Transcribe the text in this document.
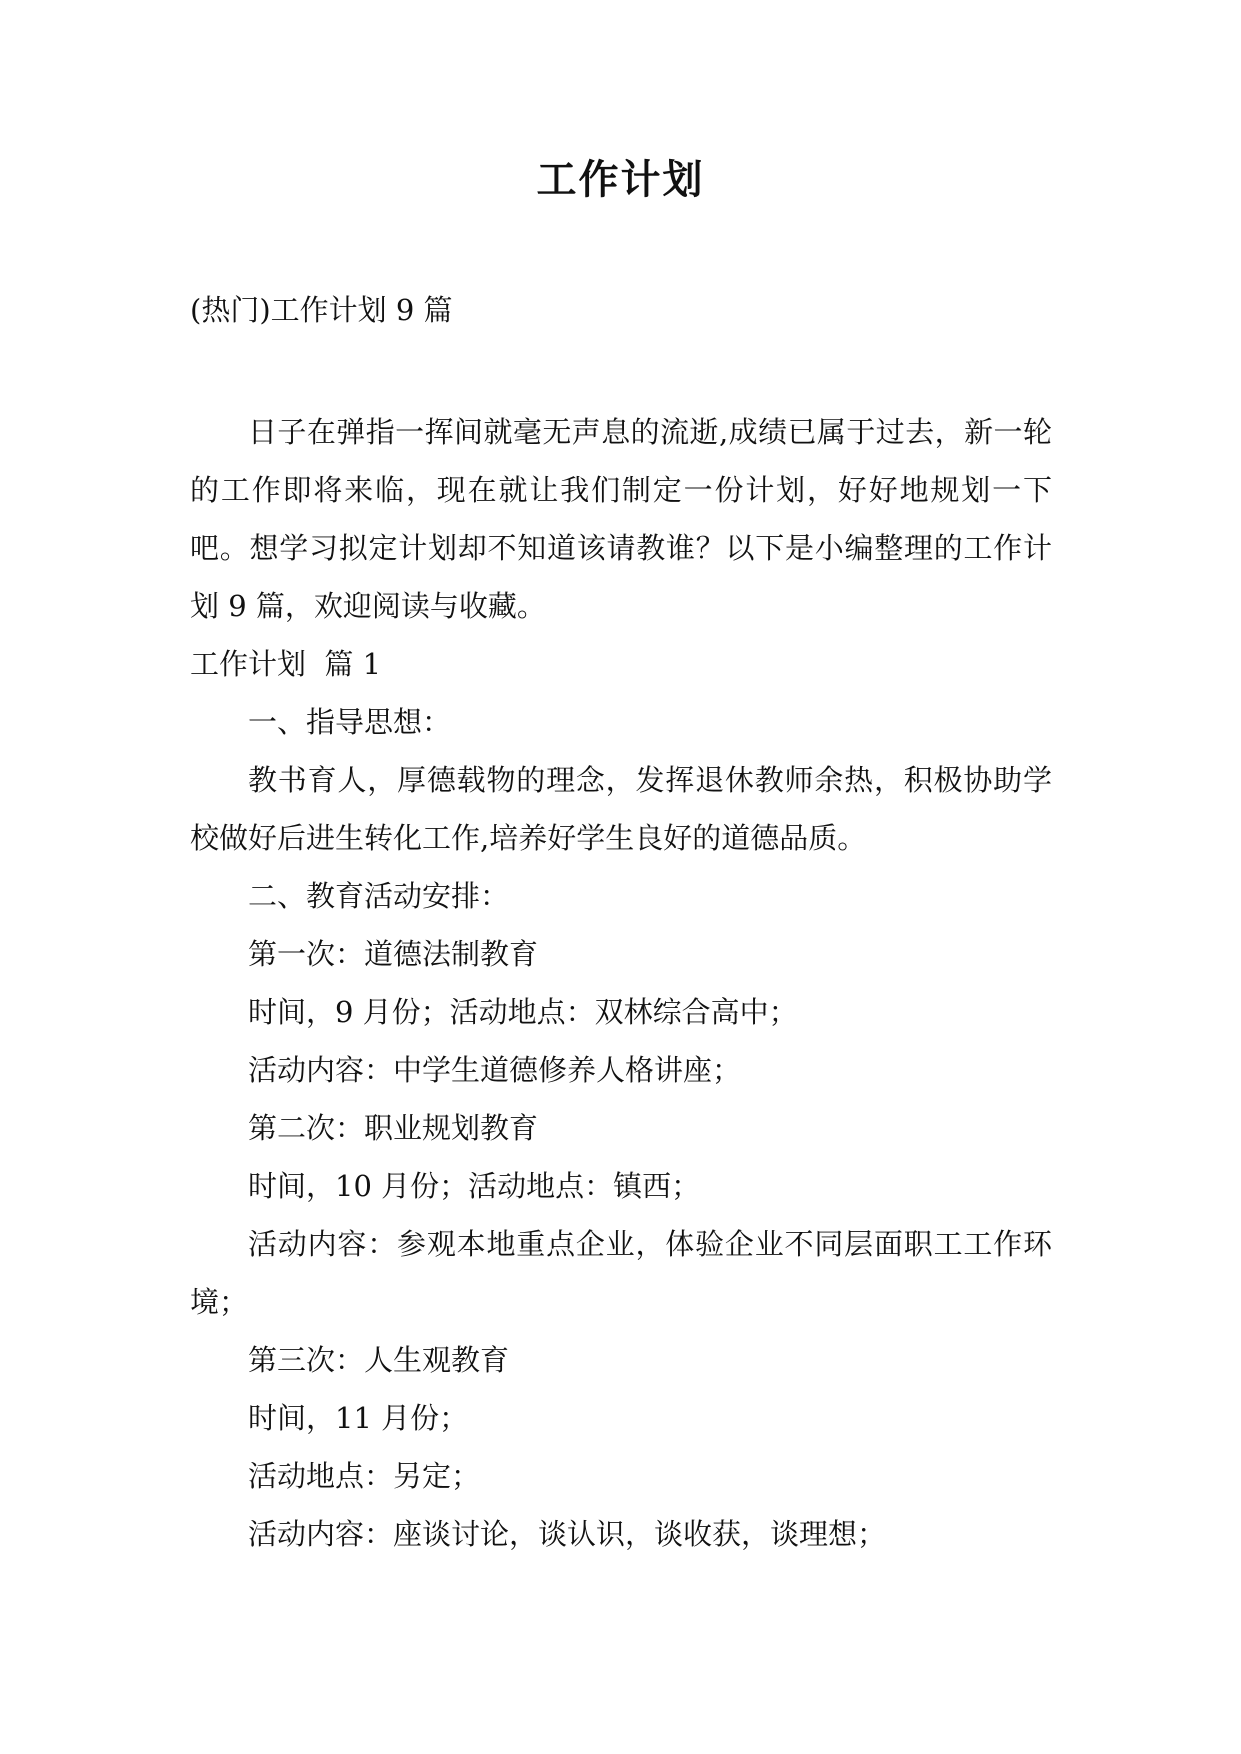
工作计划
(热门)工作计划 9 篇

日子在弹指一挥间就毫无声息的流逝,成绩已属于过去，新一轮的工作即将来临，现在就让我们制定一份计划，好好地规划一下吧。想学习拟定计划却不知道该请教谁？以下是小编整理的工作计划 9 篇，欢迎阅读与收藏。

工作计划  篇 1

一、指导思想：

教书育人，厚德载物的理念，发挥退休教师余热，积极协助学校做好后进生转化工作,培养好学生良好的道德品质。

二、教育活动安排：

第一次：道德法制教育

时间，9 月份；活动地点：双林综合高中；

活动内容：中学生道德修养人格讲座；

第二次：职业规划教育

时间，10 月份；活动地点：镇西；

活动内容：参观本地重点企业，体验企业不同层面职工工作环境；

第三次：人生观教育

时间，11 月份；

活动地点：另定；

活动内容：座谈讨论，谈认识，谈收获，谈理想；
